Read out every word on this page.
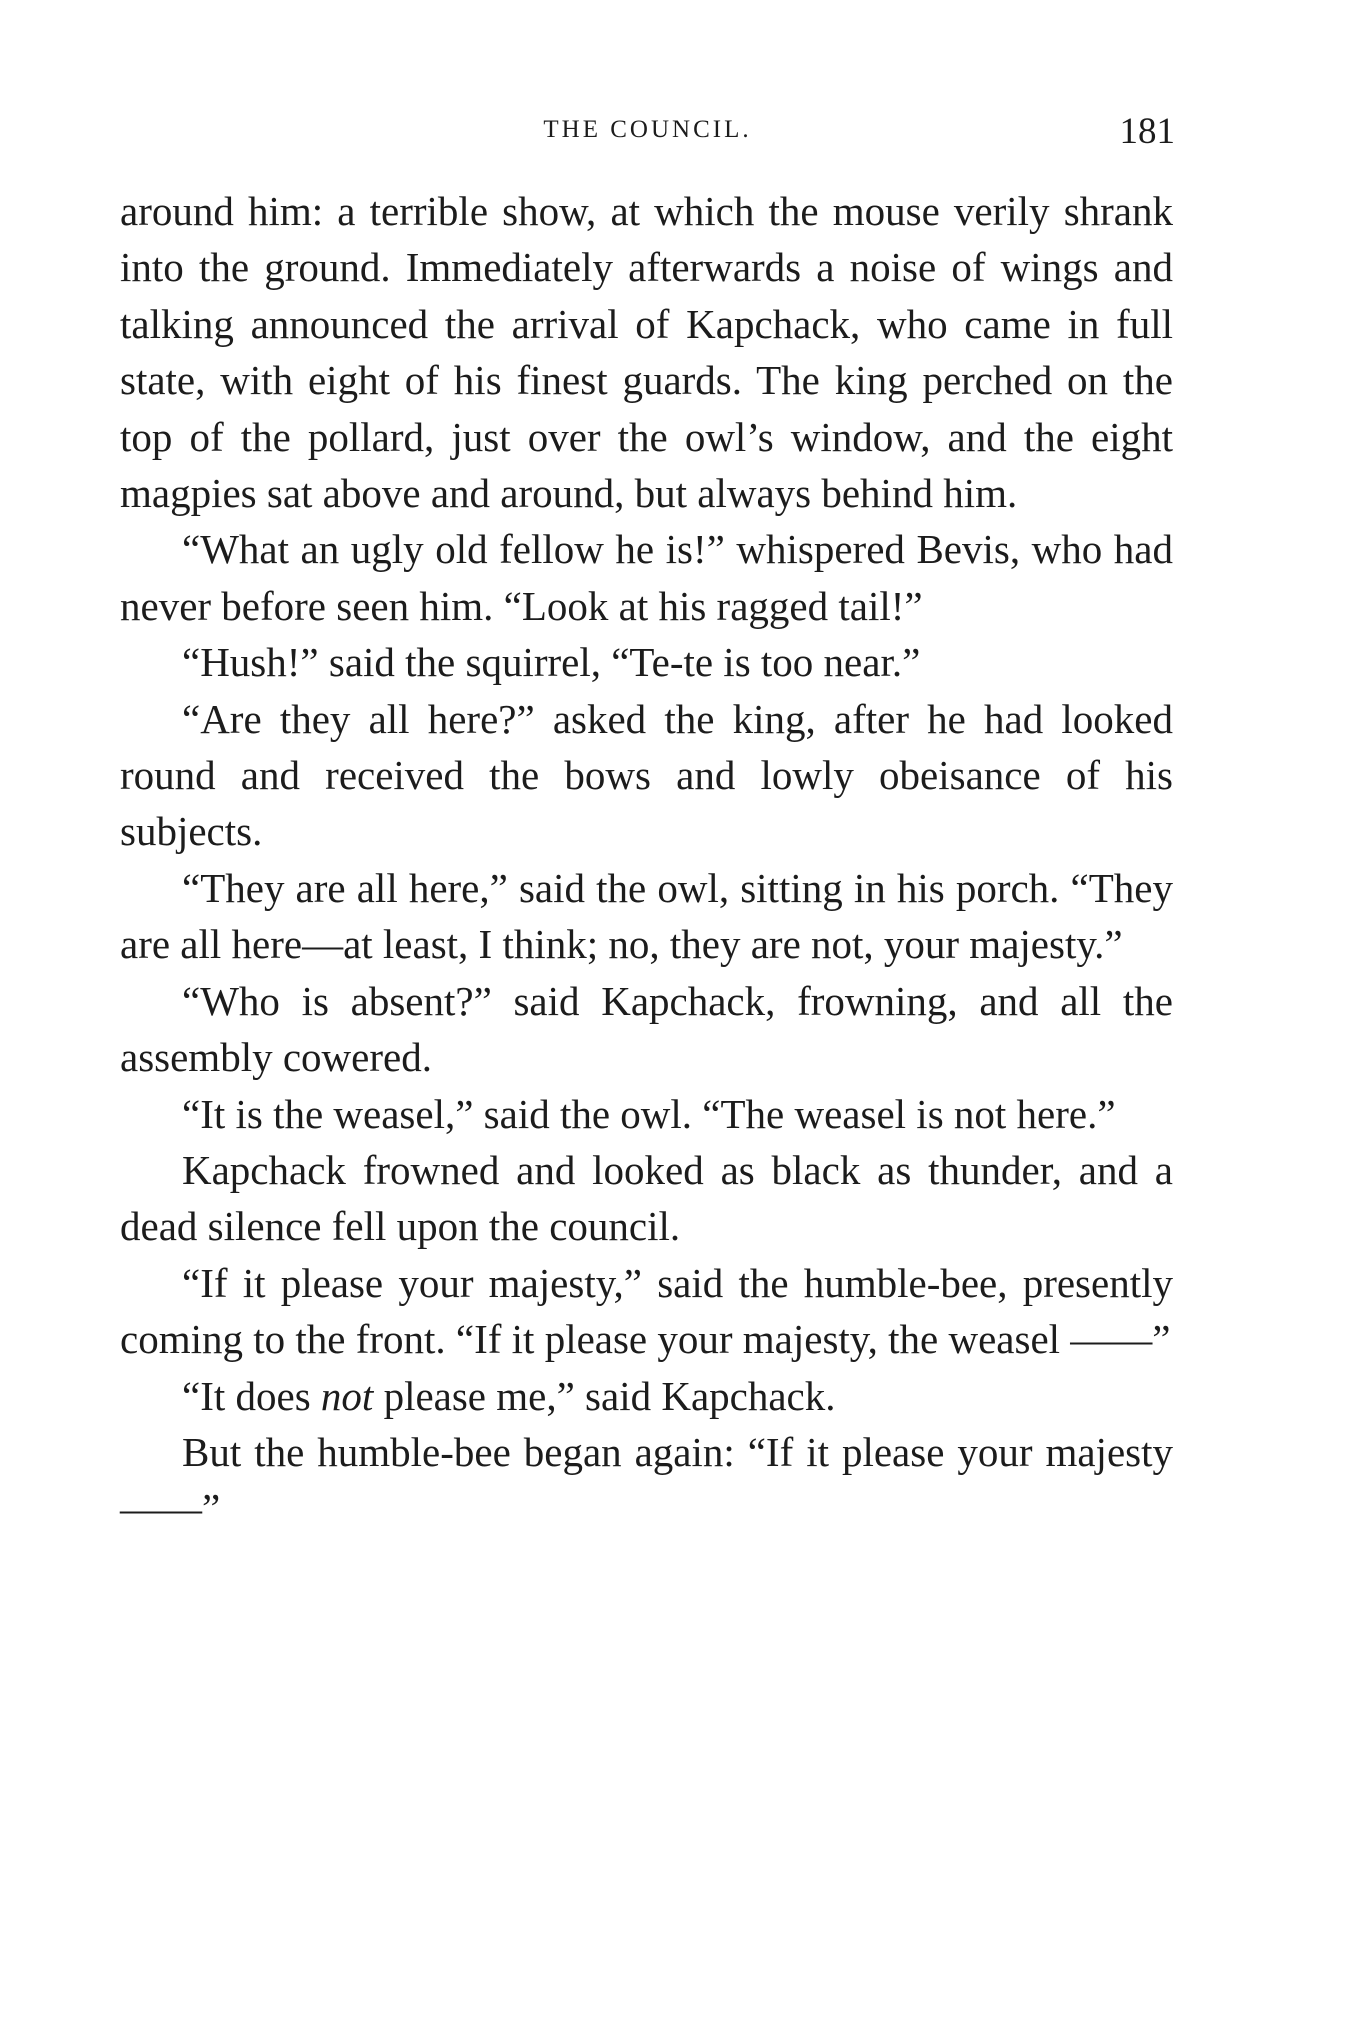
THE COUNCIL.	181

around him: a terrible show, at which the mouse verily shrank into the ground. Immediately afterwards a noise of wings and talking announced the arrival of Kapchack, who came in full state, with eight of his finest guards. The king perched on the top of the pollard, just over the owl’s window, and the eight magpies sat above and around, but always behind him.

“What an ugly old fellow he is!” whispered Bevis, who had never before seen him. “Look at his ragged tail!”

“Hush!” said the squirrel, “Te-te is too near.”

“Are they all here?” asked the king, after he had looked round and received the bows and lowly obeisance of his subjects.

“They are all here,” said the owl, sitting in his porch. “They are all here—at least, I think; no, they are not, your majesty.”

“Who is absent?” said Kapchack, frowning, and all the assembly cowered.

“It is the weasel,” said the owl. “The weasel is not here.”

Kapchack frowned and looked as black as thunder, and a dead silence fell upon the council.

“If it please your majesty,” said the humble-bee, presently coming to the front. “If it please your majesty, the weasel ——”

“It does not please me,” said Kapchack.

But the humble-bee began again: “If it please your majesty ——”
